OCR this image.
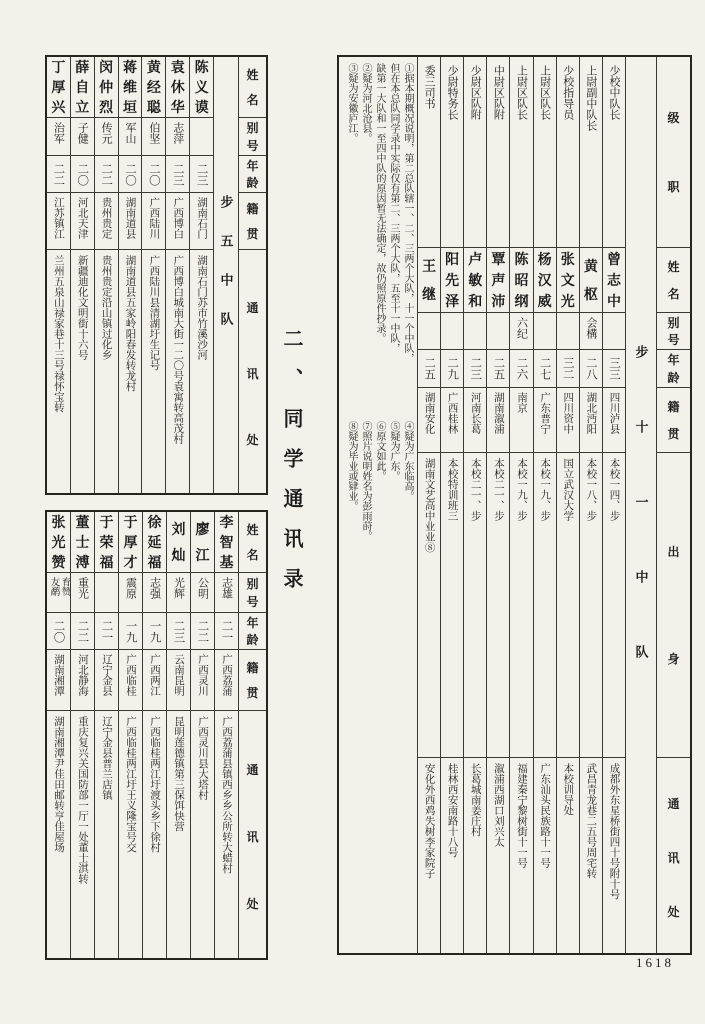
姓
名
别
号
年
龄
籍
贯
通
讯
处
步五中队
陈
义
谟
二三
湖南石门
湖南石门苏市竹溪沙河
袁
休
华
志萍
二三
广西博白
广西博白城南大街一二〇号袁寓转高茂村
黄
经
聪
伯坚
二〇
广西陆川
广西陆川县清湖圩生记号
蒋
维
垣
军山
二〇
湖南道县
湖南道县五家岭阳春发转龙村
闵
仲
烈
传元
二二
贵州贵定
贵州贵定沿山镇过化乡
薛
自
立
子健
二〇
河北天津
新疆迪化文明街十六号
丁
厚
兴
治军
二二
江苏镇江
兰州五泉山禄家巷十三号禄怀宝转
姓
名
别
号
年
龄
籍
贯
通
讯
处
李
智
基
志雄
二一
广西荔蒲
广西荔蒲县镇西乡乡公所转大蜡村
廖
江
公明
二二
广西灵川
广西灵川县大塔村
刘
灿
光辉
二三
云南昆明
昆明莲德镇第三保饵快营
徐
延
福
志强
一九
广西两江
广西临桂两江圩渡头乡下徐村
于
厚
才
震原
一九
广西临桂
广西临桂两江圩王义隆宝号交
于
荣
福
二一
辽宁金县
辽宁金县普兰店镇
董
士
溥
重光
二二
河北静海
重庆复兴关国防部一厅一处董士淇转
张
光
赞
育赞
友鹬
二〇
湖南湘潭
湖南湘潭尹佳田邮转亨佳屋场
二、同学通讯录
级
职
姓
名
别
号
年
龄
籍
贯
出
身
通
讯
处
步十一中队
少校中队长
曾
志
中
三三
四川泸县
本校一四、步
成都外东星桥街四十号附十号
上尉副中队长
黄
枢
会構
二八
湖北沔阳
本校一八、步
武昌青龙巷二五号周宅转
少校指导员
张
文
光
三二
四川资中
国立武汉大学
本校训导处
上尉区队长
杨
汉
威
二七
广东普宁
本校一九、步
广东汕头民族路十一号
上尉区队长
陈
昭
纲
六纪
二六
南京
本校一九、步
福建秦宁黎树街十一号
中尉区队附
覃
声
沛
二五
湖南溆浦
本校二一、步
溆浦西湖口刘兴太
少尉区队附
卢
敏
和
二三
河南长葛
本校二一、步
长葛城南姜庄村
少尉特务长
阳
先
泽
二九
广西桂林
本校特训班三
桂林西安南路十八号
委三司书
王
继
二五
湖南安化
湖南文艺高中业业⑧
安化外西鸡失树李家院子
①据本期概况说明，第二总队辖一、二、三两个大队，十一个中队，
但在本总队同学录中实际仅有第二、三两个大队，五至十一中队，
缺第一大队和一至四中队的原因暂无法确定，故仍照原件抄录。
②疑为河北沧县。
③疑为安徽庐江。
④疑为广东临高。
⑤疑为广东。
⑥原文如此。
⑦照片说明姓名为彭雨莳。
⑧疑为毕业或肄业。
1618
